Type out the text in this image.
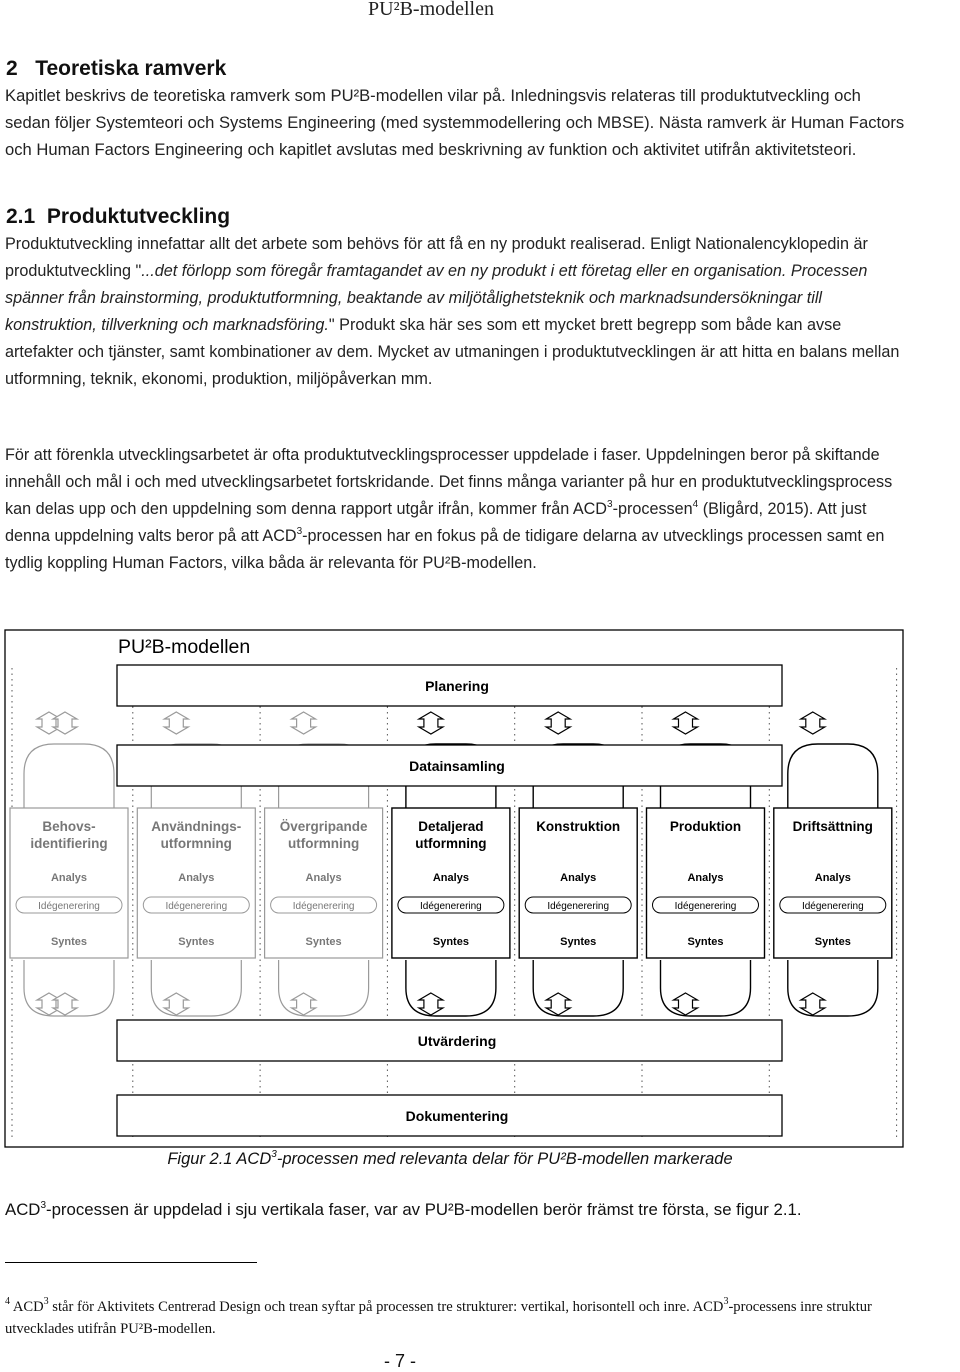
PU²B-modellen
2 Teoretiska ramverk
Kapitlet beskrivs de teoretiska ramverk som PU²B-modellen vilar på. Inledningsvis relateras till produktutveckling och sedan följer Systemteori och Systems Engineering (med systemmodellering och MBSE). Nästa ramverk är Human Factors och Human Factors Engineering och kapitlet avslutas med beskrivning av funktion och aktivitet utifrån aktivitetsteori.
2.1 Produktutveckling
Produktutveckling innefattar allt det arbete som behövs för att få en ny produkt realiserad. Enligt Nationalencyklopedin är produktutveckling "...det förlopp som föregår framtagandet av en ny produkt i ett företag eller en organisation. Processen spänner från brainstorming, produktutformning, beaktande av miljötålighetsteknik och marknadsundersökningar till konstruktion, tillverkning och marknadsföring." Produkt ska här ses som ett mycket brett begrepp som både kan avse artefakter och tjänster, samt kombinationer av dem. Mycket av utmaningen i produktutvecklingen är att hitta en balans mellan utformning, teknik, ekonomi, produktion, miljöpåverkan mm.
För att förenkla utvecklingsarbetet är ofta produktutvecklingsprocesser uppdelade i faser. Uppdelningen beror på skiftande innehåll och mål i och med utvecklingsarbetet fortskridande. Det finns många varianter på hur en produktutvecklingsprocess kan delas upp och den uppdelning som denna rapport utgår ifrån, kommer från ACD$^3$-processen$^4$ (Bligård, 2015). Att just denna uppdelning valts beror på att ACD$^3$-processen har en fokus på de tidigare delarna av utvecklings processen samt en tydlig koppling Human Factors, vilka båda är relevanta för PU²B-modellen.
PU²B-modellen
Planering
Datainsamling
Utvärdering
Dokumentering
Behovs-
identifiering
Analys
Idégenerering
Syntes
Användnings-
utformning
Analys
Idégenerering
Syntes
Övergripande
utformning
Analys
Idégenerering
Syntes
Detaljerad
utformning
Analys
Idégenerering
Syntes
Konstruktion
Analys
Idégenerering
Syntes
Produktion
Analys
Idégenerering
Syntes
Driftsättning
Analys
Idégenerering
Syntes
Figur 2.1 ACD$^3$-processen med relevanta delar för PU²B-modellen markerade
ACD$^3$-processen är uppdelad i sju vertikala faser, var av PU²B-modellen berör främst tre första, se figur 2.1.
$^4$ ACD$^3$ står för Aktivitets Centrerad Design och trean syftar på processen tre strukturer: vertikal, horisontell och inre. ACD$^3$-processens inre struktur utvecklades utifrån PU²B-modellen.
- 7 -
